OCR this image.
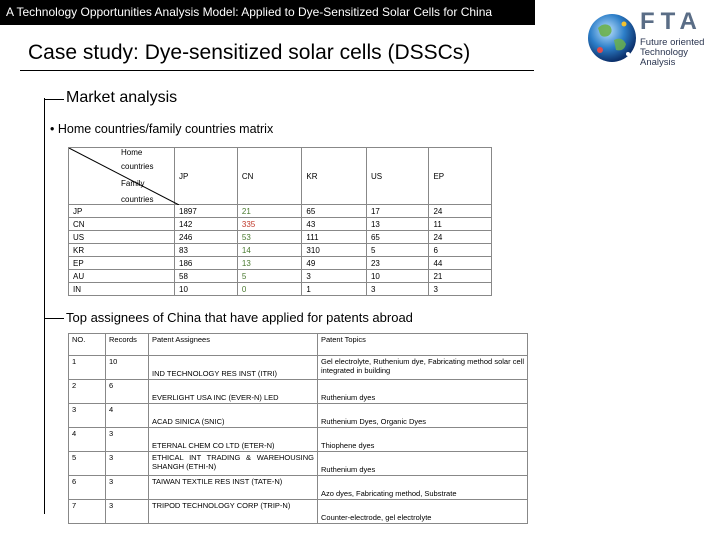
A Technology Opportunities Analysis Model: Applied to Dye-Sensitized Solar Cells for China
Case study: Dye-sensitized solar cells (DSSCs)
FTA
Future oriented
Technology
Analysis
Market analysis
• Home countries/family countries matrix
Home
countries
Family
countries	JP	CN	KR	US	EP
JP	1897	21	65	17	24
CN	142	335	43	13	11
US	246	53	111	65	24
KR	83	14	310	5	6
EP	186	13	49	23	44
AU	58	5	3	10	21
IN	10	0	1	3	3
Top assignees of China that have applied for patents abroad
NO.	Records	Patent Assignees	Patent Topics
1	10	IND TECHNOLOGY RES INST (ITRI)	Gel electrolyte, Ruthenium dye, Fabricating method solar cell integrated in building
2	6	EVERLIGHT USA INC (EVER-N) LED	Ruthenium dyes
3	4	ACAD SINICA (SNIC)	Ruthenium Dyes, Organic Dyes
4	3	ETERNAL CHEM CO LTD (ETER-N)	Thiophene dyes
5	3	ETHICAL INT TRADING & WAREHOUSING SHANGH (ETHI-N)	Ruthenium dyes
6	3	TAIWAN TEXTILE RES INST (TATE-N)	Azo dyes, Fabricating method, Substrate
7	3	TRIPOD TECHNOLOGY CORP (TRIP-N)	Counter-electrode, gel electrolyte
